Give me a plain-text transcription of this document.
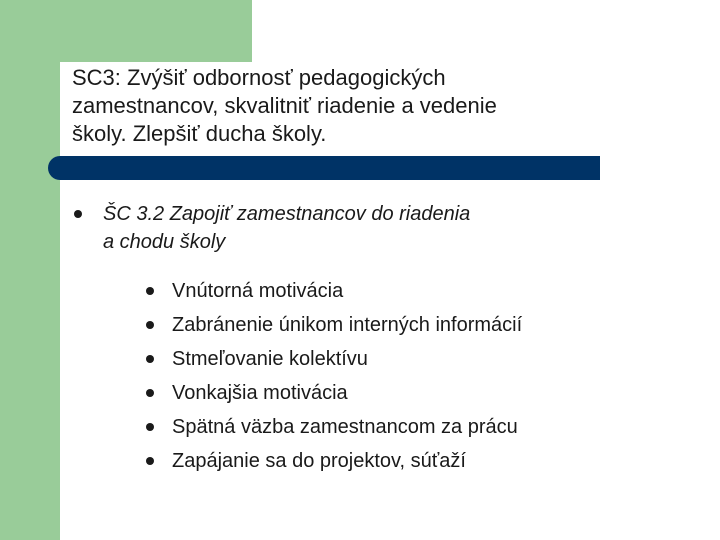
SC3: Zvýšiť odbornosť pedagogických
zamestnancov, skvalitniť riadenie a vedenie
školy. Zlepšiť ducha školy.
ŠC 3.2 Zapojiť zamestnancov do riadenia
a chodu školy
Vnútorná motivácia
Zabránenie únikom interných informácií
Stmeľovanie kolektívu
Vonkajšia motivácia
Spätná väzba zamestnancom za prácu
Zapájanie sa do projektov, súťaží
